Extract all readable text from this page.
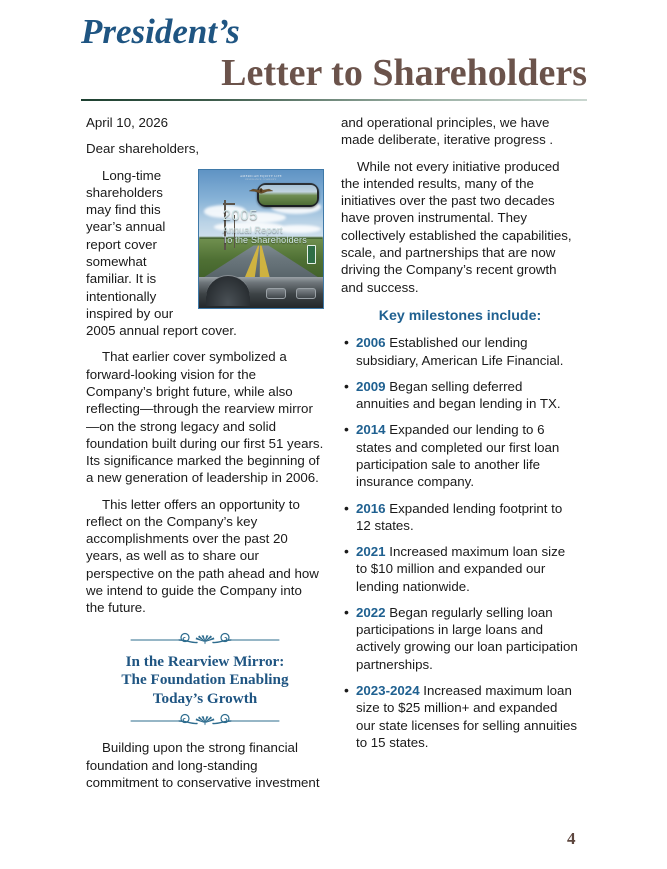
President’s
Letter to Shareholders

April 10, 2026

Dear shareholders,

AMERICAN EQUITY LIFE
INSURANCE COMPANY
2005
Annual Report
To the Shareholders

Long-time shareholders may find this year’s annual report cover somewhat familiar. It is intentionally inspired by our 2005 annual report cover.

That earlier cover symbolized a forward-looking vision for the Company’s bright future, while also reflecting—through the rearview mirror—on the strong legacy and solid foundation built during our first 51 years. Its significance marked the beginning of a new generation of leadership in 2006.

This letter offers an opportunity to reflect on the Company’s key accomplishments over the past 20 years, as well as to share our perspective on the path ahead and how we intend to guide the Company into the future.

In the Rearview Mirror:
The Foundation Enabling
Today’s Growth

Building upon the strong financial foundation and long-standing commitment to conservative investment

and operational principles, we have made deliberate, iterative progress .

While not every initiative produced the intended results, many of the initiatives over the past two decades have proven instrumental. They collectively established the capabilities, scale, and partnerships that are now driving the Company’s recent growth and success.

Key milestones include:
• 2006 Established our lending subsidiary, American Life Financial.
• 2009 Began selling deferred annuities and began lending in TX.
• 2014 Expanded our lending to 6 states and completed our first loan participation sale to another life insurance company.
• 2016 Expanded lending footprint to 12 states.
• 2021 Increased maximum loan size to $10 million and expanded our lending nationwide.
• 2022 Began regularly selling loan participations in large loans and actively growing our loan participation partnerships.
• 2023-2024 Increased maximum loan size to $25 million+ and expanded our state licenses for selling annuities to 15 states.
4
